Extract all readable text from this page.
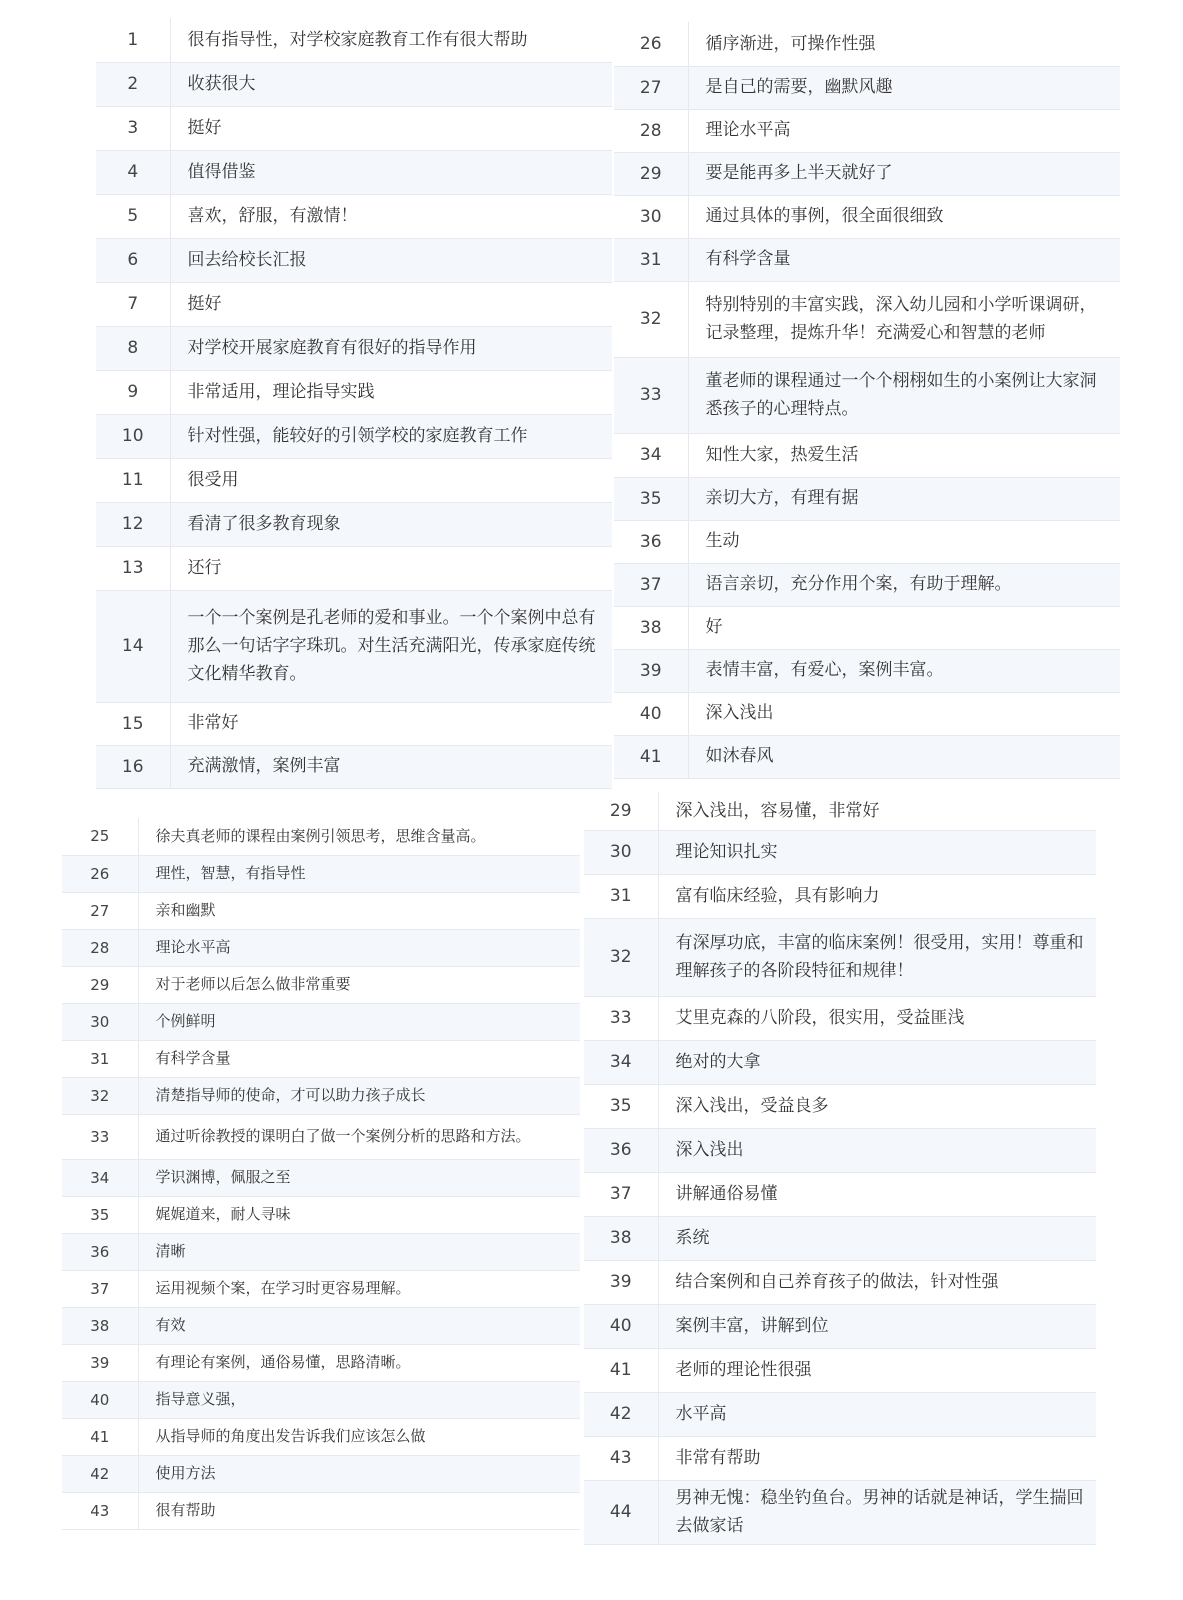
1	很有指导性，对学校家庭教育工作有很大帮助
2	收获很大
3	挺好
4	值得借鉴
5	喜欢，舒服，有激情！
6	回去给校长汇报
7	挺好
8	对学校开展家庭教育有很好的指导作用
9	非常适用，理论指导实践
10	针对性强，能较好的引领学校的家庭教育工作
11	很受用
12	看清了很多教育现象
13	还行
14	一个一个案例是孔老师的爱和事业。一个个案例中总有那么一句话字字珠玑。对生活充满阳光，传承家庭传统文化精华教育。
15	非常好
16	充满激情，案例丰富
26	循序渐进，可操作性强
27	是自己的需要，幽默风趣
28	理论水平高
29	要是能再多上半天就好了
30	通过具体的事例，很全面很细致
31	有科学含量
32	特别特别的丰富实践，深入幼儿园和小学听课调研，记录整理，提炼升华！充满爱心和智慧的老师
33	董老师的课程通过一个个栩栩如生的小案例让大家洞悉孩子的心理特点。
34	知性大家，热爱生活
35	亲切大方，有理有据
36	生动
37	语言亲切，充分作用个案，有助于理解。
38	好
39	表情丰富，有爱心，案例丰富。
40	深入浅出
41	如沐春风
25	徐夫真老师的课程由案例引领思考，思维含量高。
26	理性，智慧，有指导性
27	亲和幽默
28	理论水平高
29	对于老师以后怎么做非常重要
30	个例鲜明
31	有科学含量
32	清楚指导师的使命，才可以助力孩子成长
33	通过听徐教授的课明白了做一个案例分析的思路和方法。
34	学识渊博，佩服之至
35	娓娓道来，耐人寻味
36	清晰
37	运用视频个案，在学习时更容易理解。
38	有效
39	有理论有案例，通俗易懂，思路清晰。
40	指导意义强，
41	从指导师的角度出发告诉我们应该怎么做
42	使用方法
43	很有帮助
29	深入浅出，容易懂，非常好
30	理论知识扎实
31	富有临床经验，具有影响力
32	有深厚功底，丰富的临床案例！很受用，实用！尊重和理解孩子的各阶段特征和规律！
33	艾里克森的八阶段，很实用，受益匪浅
34	绝对的大拿
35	深入浅出，受益良多
36	深入浅出
37	讲解通俗易懂
38	系统
39	结合案例和自己养育孩子的做法，针对性强
40	案例丰富，讲解到位
41	老师的理论性很强
42	水平高
43	非常有帮助
44	男神无愧：稳坐钓鱼台。男神的话就是神话，学生揣回去做家话
